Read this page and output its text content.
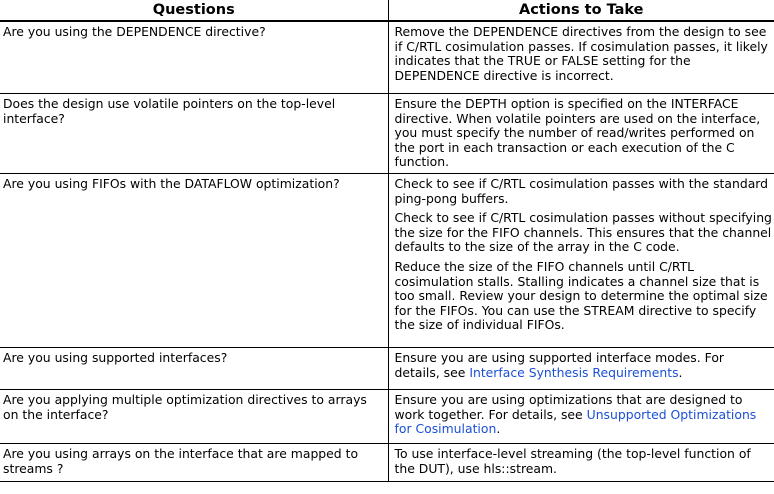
Questions	Actions to Take
Are you using the DEPENDENCE directive?	Remove the DEPENDENCE directives from the design to see if C/RTL cosimulation passes. If cosimulation passes, it likely indicates that the TRUE or FALSE setting for the DEPENDENCE directive is incorrect.

Does the design use volatile pointers on the top-level interface?	Ensure the DEPTH option is specified on the INTERFACE directive. When volatile pointers are used on the interface, you must specify the number of read/writes performed on the port in each transaction or each execution of the C function.

Are you using FIFOs with the DATAFLOW optimization?	Check to see if C/RTL cosimulation passes with the standard ping-pong buffers.

Check to see if C/RTL cosimulation passes without specifying the size for the FIFO channels. This ensures that the channel defaults to the size of the array in the C code.

Reduce the size of the FIFO channels until C/RTL cosimulation stalls. Stalling indicates a channel size that is too small. Review your design to determine the optimal size for the FIFOs. You can use the STREAM directive to specify the size of individual FIFOs.

Are you using supported interfaces?	Ensure you are using supported interface modes. For details, see Interface Synthesis Requirements.

Are you applying multiple optimization directives to arrays on the interface?	Ensure you are using optimizations that are designed to work together. For details, see Unsupported Optimizations for Cosimulation.

Are you using arrays on the interface that are mapped to streams ?	To use interface-level streaming (the top-level function of the DUT), use hls::stream.
